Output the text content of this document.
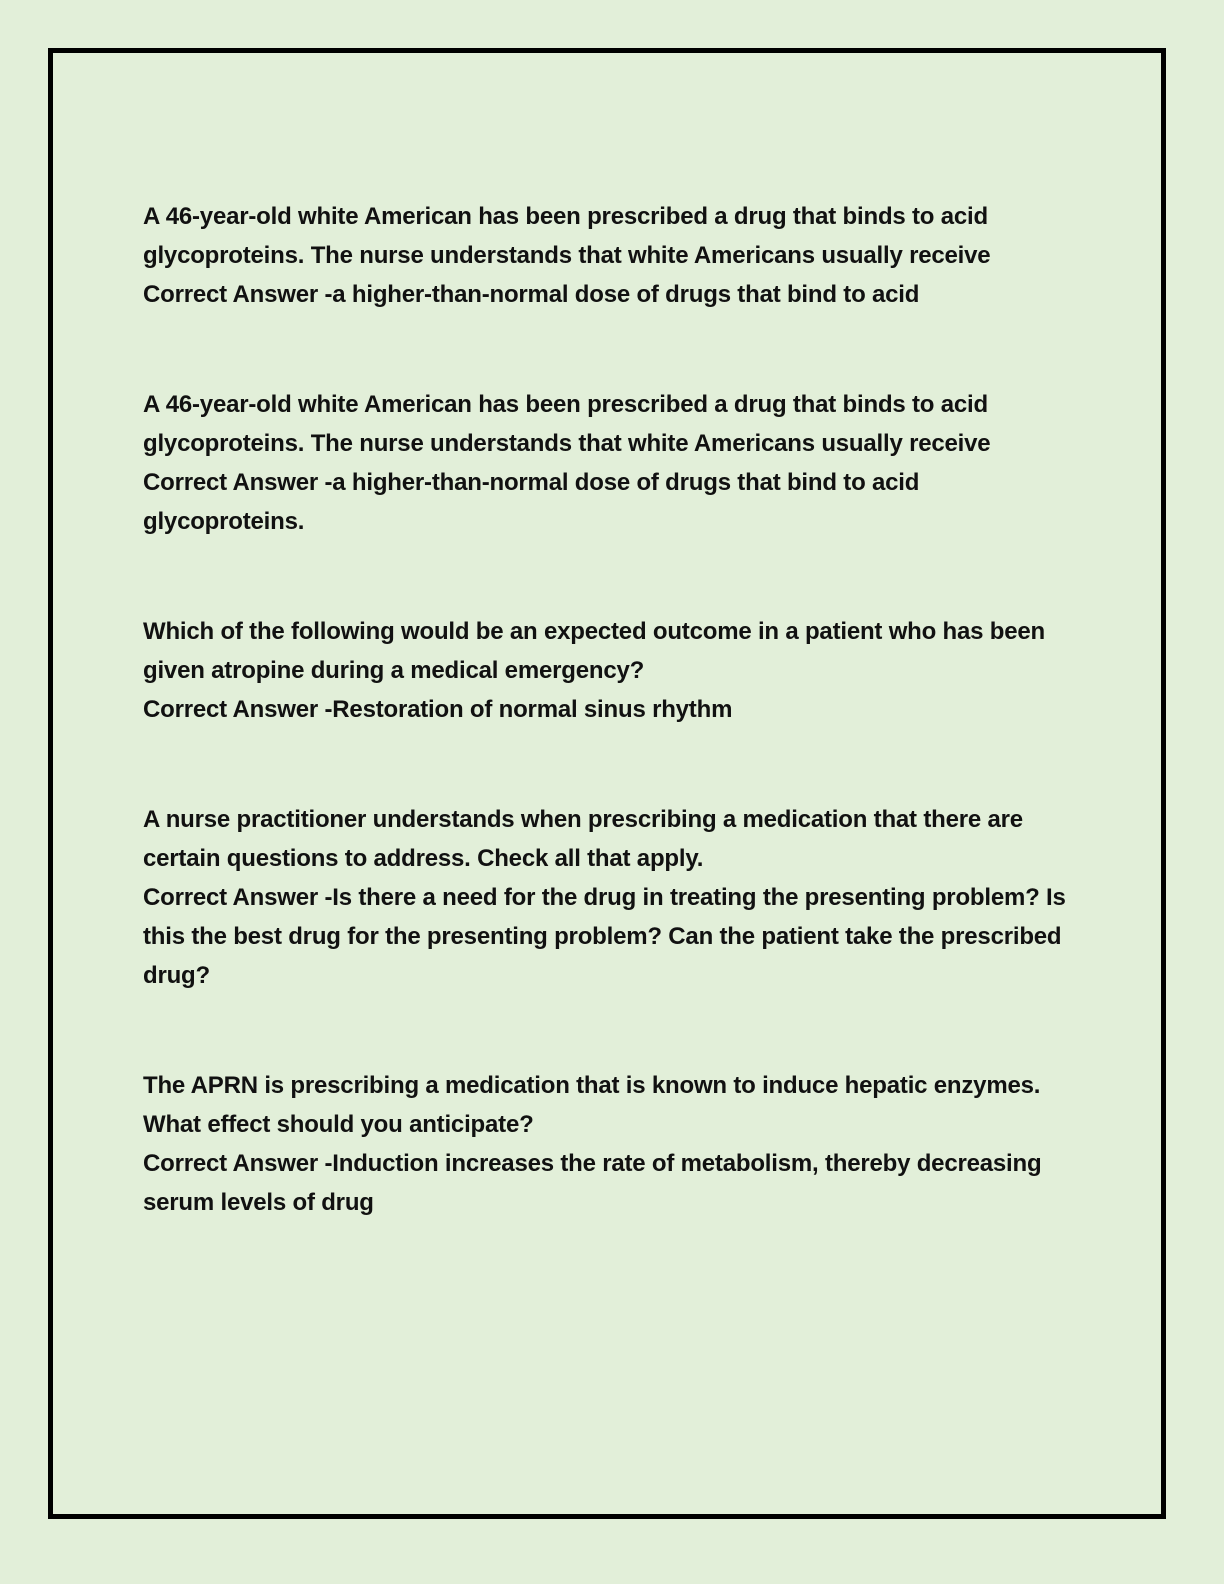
A 46-year-old white American has been prescribed a drug that binds to acid glycoproteins. The nurse understands that white Americans usually receive

Correct Answer -a higher-than-normal dose of drugs that bind to acid

A 46-year-old white American has been prescribed a drug that binds to acid glycoproteins. The nurse understands that white Americans usually receive

Correct Answer -a higher-than-normal dose of drugs that bind to acid glycoproteins.

Which of the following would be an expected outcome in a patient who has been given atropine during a medical emergency?

Correct Answer -Restoration of normal sinus rhythm

A nurse practitioner understands when prescribing a medication that there are certain questions to address. Check all that apply.

Correct Answer -Is there a need for the drug in treating the presenting problem? Is this the best drug for the presenting problem? Can the patient take the prescribed drug?

The APRN is prescribing a medication that is known to induce hepatic enzymes. What effect should you anticipate?

Correct Answer -Induction increases the rate of metabolism, thereby decreasing serum levels of drug
